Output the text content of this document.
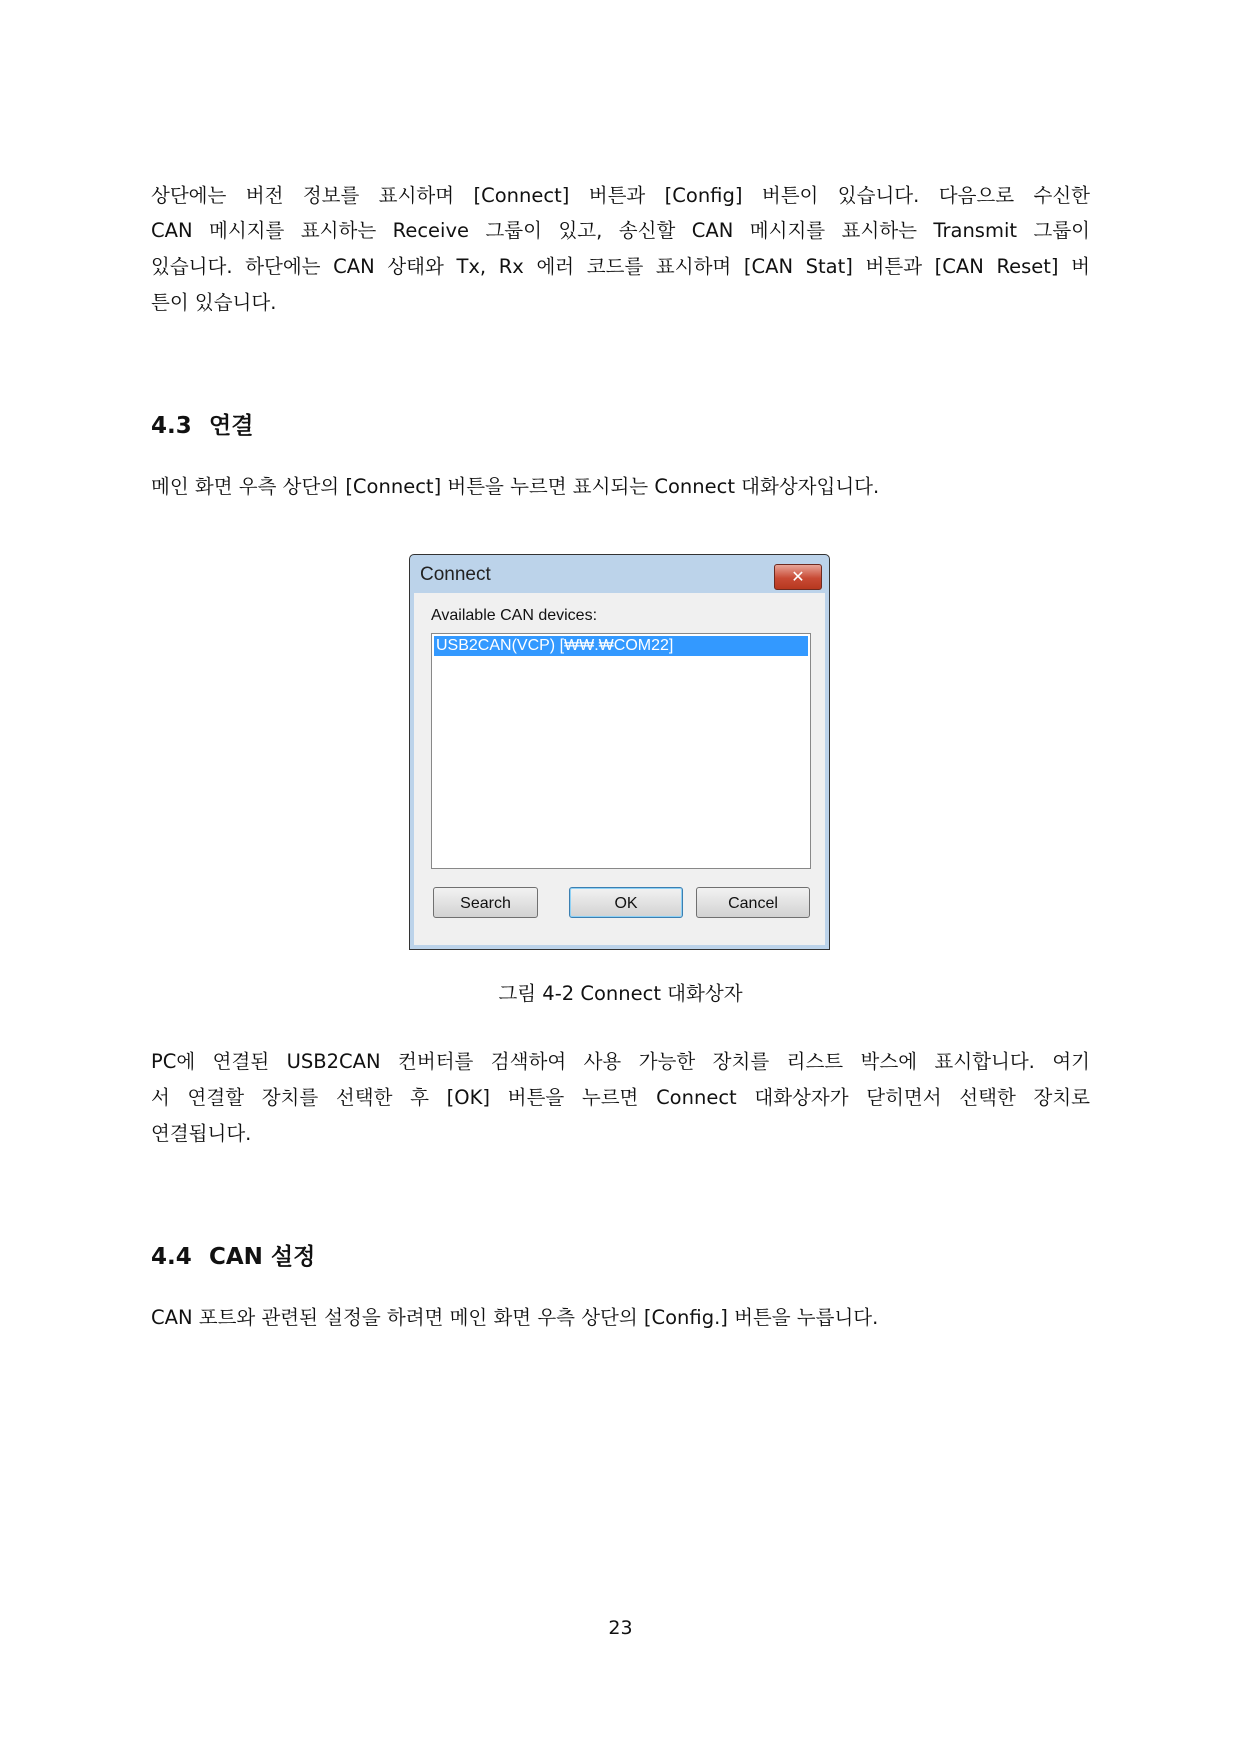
상단에는 버전 정보를 표시하며 [Connect] 버튼과 [Config] 버튼이 있습니다. 다음으로 수신한
CAN 메시지를 표시하는 Receive 그룹이 있고, 송신할 CAN 메시지를 표시하는 Transmit 그룹이
있습니다. 하단에는 CAN 상태와 Tx, Rx 에러 코드를 표시하며 [CAN Stat] 버튼과 [CAN Reset] 버
튼이 있습니다.
4.3 연결
메인 화면 우측 상단의 [Connect] 버튼을 누르면 표시되는 Connect 대화상자입니다.
Connect	✕
Available CAN devices:
USB2CAN(VCP) [₩₩.₩COM22]
Search	OK	Cancel
그림 4-2 Connect 대화상자
PC에 연결된 USB2CAN 컨버터를 검색하여 사용 가능한 장치를 리스트 박스에 표시합니다. 여기
서 연결할 장치를 선택한 후 [OK] 버튼을 누르면 Connect 대화상자가 닫히면서 선택한 장치로
연결됩니다.
4.4 CAN 설정
CAN 포트와 관련된 설정을 하려면 메인 화면 우측 상단의 [Config.] 버튼을 누릅니다.
23
